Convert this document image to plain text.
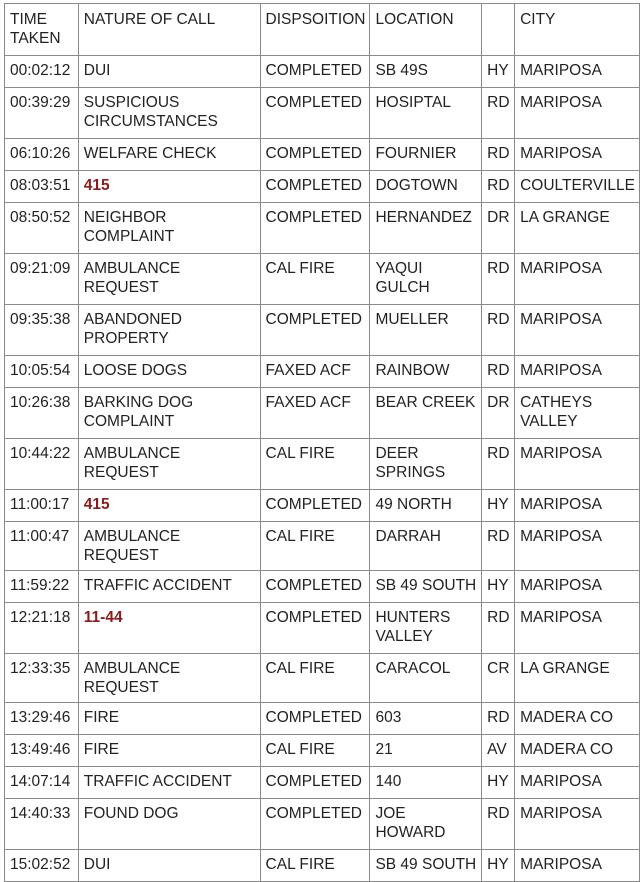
TIME TAKEN	NATURE OF CALL	DISPSOITION	LOCATION		CITY
00:02:12	DUI	COMPLETED	SB 49S	HY	MARIPOSA
00:39:29	SUSPICIOUS CIRCUMSTANCES	COMPLETED	HOSIPTAL	RD	MARIPOSA
06:10:26	WELFARE CHECK	COMPLETED	FOURNIER	RD	MARIPOSA
08:03:51	415	COMPLETED	DOGTOWN	RD	COULTERVILLE
08:50:52	NEIGHBOR COMPLAINT	COMPLETED	HERNANDEZ	DR	LA GRANGE
09:21:09	AMBULANCE REQUEST	CAL FIRE	YAQUI GULCH	RD	MARIPOSA
09:35:38	ABANDONED PROPERTY	COMPLETED	MUELLER	RD	MARIPOSA
10:05:54	LOOSE DOGS	FAXED ACF	RAINBOW	RD	MARIPOSA
10:26:38	BARKING DOG COMPLAINT	FAXED ACF	BEAR CREEK	DR	CATHEYS VALLEY
10:44:22	AMBULANCE REQUEST	CAL FIRE	DEER SPRINGS	RD	MARIPOSA
11:00:17	415	COMPLETED	49 NORTH	HY	MARIPOSA
11:00:47	AMBULANCE REQUEST	CAL FIRE	DARRAH	RD	MARIPOSA
11:59:22	TRAFFIC ACCIDENT	COMPLETED	SB 49 SOUTH	HY	MARIPOSA
12:21:18	11-44	COMPLETED	HUNTERS VALLEY	RD	MARIPOSA
12:33:35	AMBULANCE REQUEST	CAL FIRE	CARACOL	CR	LA GRANGE
13:29:46	FIRE	COMPLETED	603	RD	MADERA CO
13:49:46	FIRE	CAL FIRE	21	AV	MADERA CO
14:07:14	TRAFFIC ACCIDENT	COMPLETED	140	HY	MARIPOSA
14:40:33	FOUND DOG	COMPLETED	JOE HOWARD	RD	MARIPOSA
15:02:52	DUI	CAL FIRE	SB 49 SOUTH	HY	MARIPOSA
